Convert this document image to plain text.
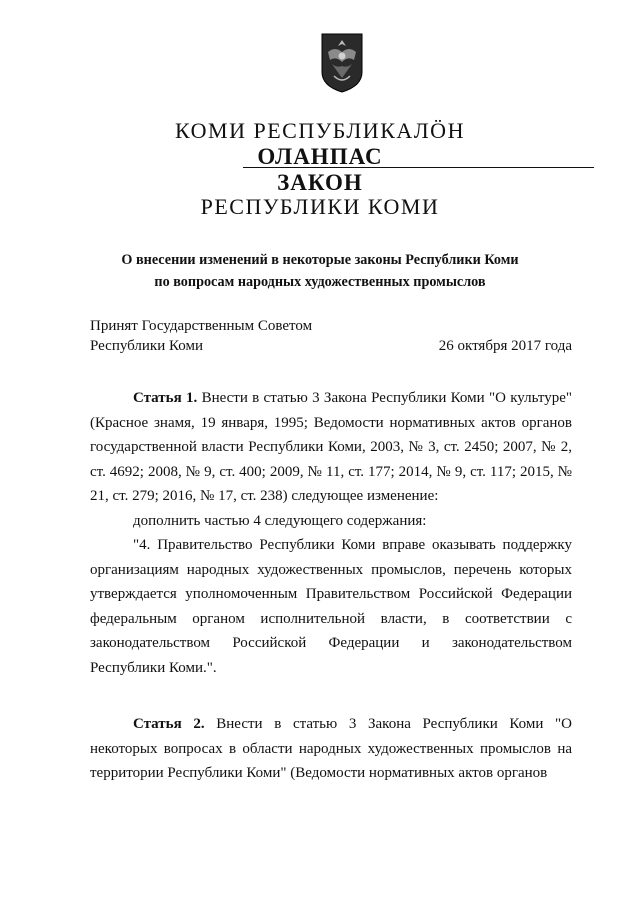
КОМИ РЕСПУБЛИКАЛÖН
ОЛАНПАС
ЗАКОН
РЕСПУБЛИКИ КОМИ
О внесении изменений в некоторые законы Республики Коми
по вопросам народных художественных промыслов
Принят Государственным Советом
Республики Коми	26 октября 2017 года

Статья 1. Внести в статью 3 Закона Республики Коми "О культуре" (Красное знамя, 19 января, 1995; Ведомости нормативных актов органов государственной власти Республики Коми, 2003, № 3, ст. 2450; 2007, № 2, ст. 4692; 2008, № 9, ст. 400; 2009, № 11, ст. 177; 2014, № 9, ст. 117; 2015, № 21, ст. 279; 2016, № 17, ст. 238) следующее изменение:

дополнить частью 4 следующего содержания:

"4. Правительство Республики Коми вправе оказывать поддержку организациям народных художественных промыслов, перечень которых утверждается уполномоченным Правительством Российской Федерации федеральным органом исполнительной власти, в соответствии с законодательством Российской Федерации и законодательством Республики Коми.".

Статья 2. Внести в статью 3 Закона Республики Коми "О некоторых вопросах в области народных художественных промыслов на территории Республики Коми" (Ведомости нормативных актов органов
